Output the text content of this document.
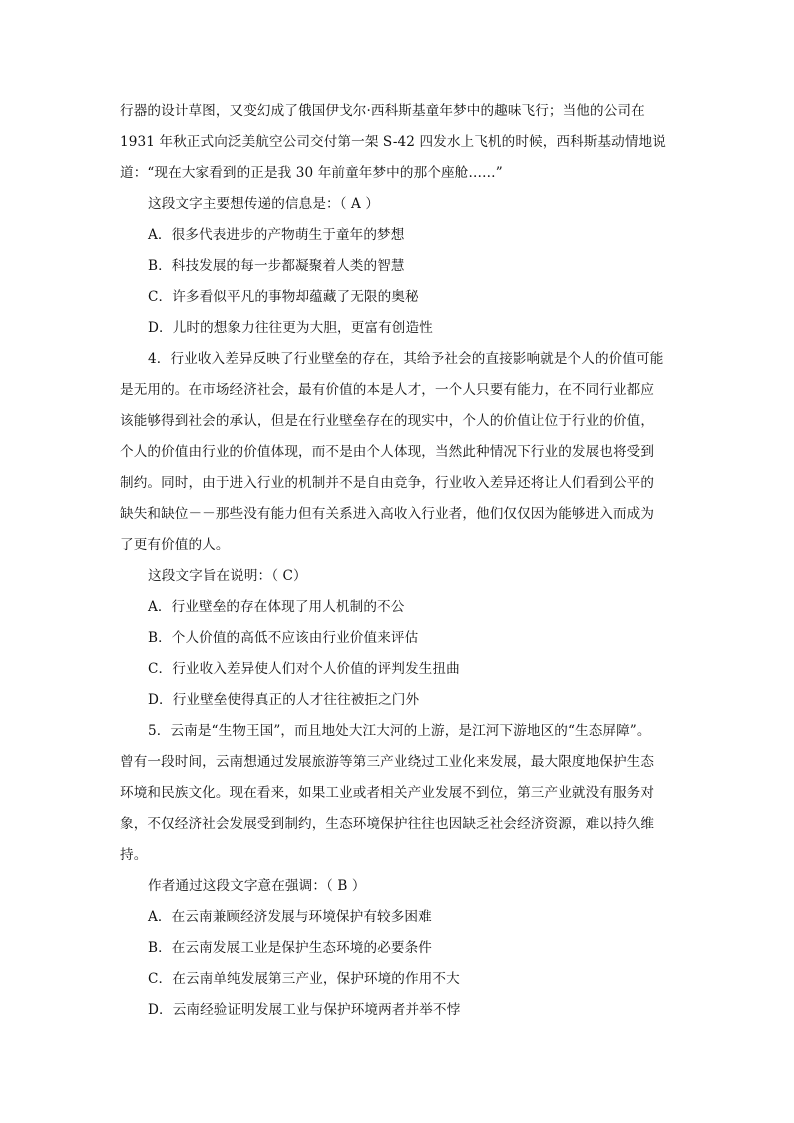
行器的设计草图，又变幻成了俄国伊戈尔·西科斯基童年梦中的趣味飞行；当他的公司在
1931 年秋正式向泛美航空公司交付第一架 S-42 四发水上飞机的时候，西科斯基动情地说
道：“现在大家看到的正是我 30 年前童年梦中的那个座舱……”
这段文字主要想传递的信息是：（ A ）
A．很多代表进步的产物萌生于童年的梦想
B．科技发展的每一步都凝聚着人类的智慧
C．许多看似平凡的事物却蕴藏了无限的奥秘
D．儿时的想象力往往更为大胆，更富有创造性
4．行业收入差异反映了行业壁垒的存在，其给予社会的直接影响就是个人的价值可能
是无用的。在市场经济社会，最有价值的本是人才，一个人只要有能力，在不同行业都应
该能够得到社会的承认，但是在行业壁垒存在的现实中，个人的价值让位于行业的价值，
个人的价值由行业的价值体现，而不是由个人体现，当然此种情况下行业的发展也将受到
制约。同时，由于进入行业的机制并不是自由竞争，行业收入差异还将让人们看到公平的
缺失和缺位－－那些没有能力但有关系进入高收入行业者，他们仅仅因为能够进入而成为
了更有价值的人。
这段文字旨在说明：（ C）
A．行业壁垒的存在体现了用人机制的不公
B．个人价值的高低不应该由行业价值来评估
C．行业收入差异使人们对个人价值的评判发生扭曲
D．行业壁垒使得真正的人才往往被拒之门外
5．云南是“生物王国”，而且地处大江大河的上游，是江河下游地区的“生态屏障”。
曾有一段时间，云南想通过发展旅游等第三产业绕过工业化来发展，最大限度地保护生态
环境和民族文化。现在看来，如果工业或者相关产业发展不到位，第三产业就没有服务对
象，不仅经济社会发展受到制约，生态环境保护往往也因缺乏社会经济资源，难以持久维
持。
作者通过这段文字意在强调：（ B ）
A．在云南兼顾经济发展与环境保护有较多困难
B．在云南发展工业是保护生态环境的必要条件
C．在云南单纯发展第三产业，保护环境的作用不大
D．云南经验证明发展工业与保护环境两者并举不悖
